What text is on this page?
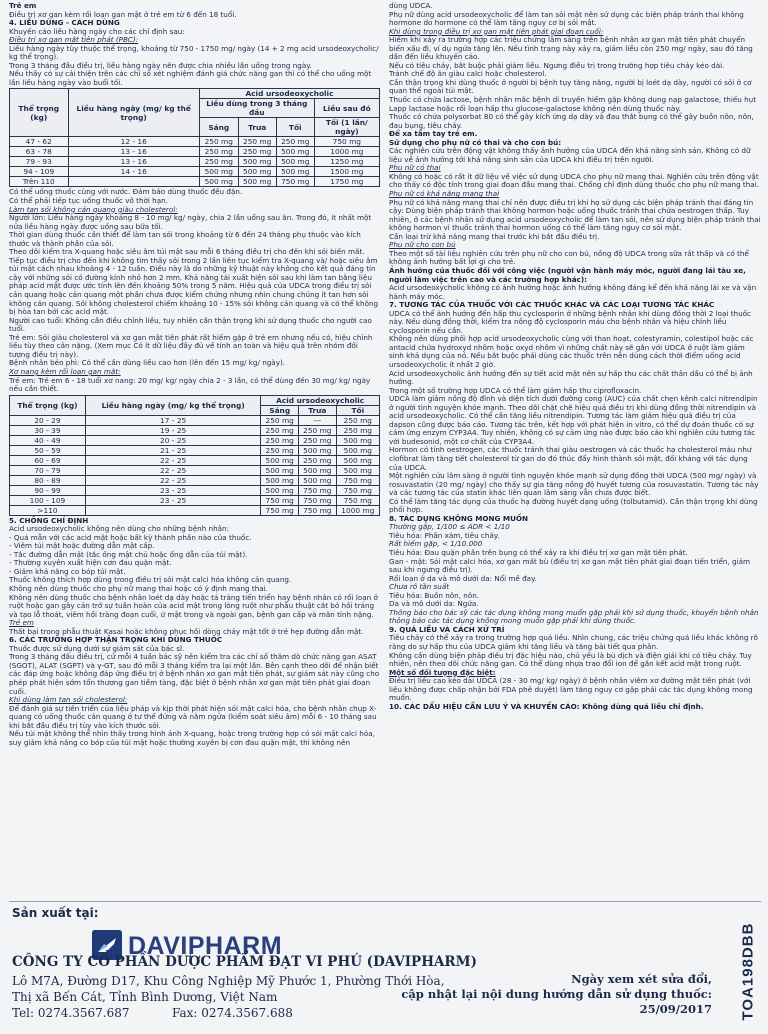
Trẻ em

Điều trị xơ gan kèm rối loạn gan mật ở trẻ em từ 6 đến 18 tuổi.

4. LIỀU DÙNG - CÁCH DÙNG

Khuyến cáo liều hàng ngày cho các chỉ định sau:

Điều trị xơ gan mật tiên phát (PBC):

Liều hàng ngày tùy thuộc thể trọng, khoảng từ 750 - 1750 mg/ ngày (14 + 2 mg acid ursodeoxycholic/ kg thể trọng).

Trong 3 tháng đầu điều trị, liều hàng ngày nên được chia nhiều lần uống trong ngày.

Nếu thấy có sự cải thiện trên các chỉ số xét nghiệm đánh giá chức năng gan thì có thể cho uống một lần liều hàng ngày vào buổi tối.

Thể trọng (kg)	Liều hàng ngày (mg/ kg thể trọng)	Acid ursodeoxycholic			
		Liều dùng trong 3 tháng đầu			Liều sau đó
		Sáng	Trưa	Tối	Tối (1 lần/ ngày)
47 - 62	12 - 16	250 mg	250 mg	250 mg	750 mg
63 - 78	13 - 16	250 mg	250 mg	500 mg	1000 mg
79 - 93	13 - 16	250 mg	500 mg	500 mg	1250 mg
94 - 109	14 - 16	500 mg	500 mg	500 mg	1500 mg
Trên 110		500 mg	500 mg	750 mg	1750 mg

Có thể uống thuốc cùng với nước. Đảm bảo dùng thuốc đều đặn.

Có thể phải tiếp tục uống thuốc vô thời hạn.

Làm tan sỏi không cản quang giàu cholesterol:

Người lớn: Liều hàng ngày khoảng 8 - 10 mg/ kg/ ngày, chia 2 lần uống sau ăn. Trong đó, ít nhất một nửa liều hàng ngày được uống sau bữa tối.

Thời gian dùng thuốc cần thiết để làm tan sỏi trong khoảng từ 6 đến 24 tháng phụ thuộc vào kích thước và thành phần của sỏi.

Theo dõi kiểm tra X-quang hoặc siêu âm túi mật sau mỗi 6 tháng điều trị cho đến khi sỏi biến mất.

Tiếp tục điều trị cho đến khi không tìm thấy sỏi trong 2 lần liên tục kiểm tra X-quang và/ hoặc siêu âm túi mật cách nhau khoảng 4 - 12 tuần. Điều này là do những kỹ thuật này không cho kết quả đáng tin cậy với những sỏi có đường kính nhỏ hơn 2 mm. Khả năng tái xuất hiện sỏi sau khi làm tan bằng liệu pháp acid mật được ước tính lên đến khoảng 50% trong 5 năm. Hiệu quả của UDCA trong điều trị sỏi cản quang hoặc cản quang một phần chưa được kiểm chứng nhưng nhìn chung chúng ít tan hơn sỏi không cản quang. Sỏi không cholesterol chiếm khoảng 10 - 15% sỏi không cản quang và có thể không bị hòa tan bởi các acid mật.

Người cao tuổi: Không cần điều chỉnh liều, tuy nhiên cần thận trọng khi sử dụng thuốc cho người cao tuổi.

Trẻ em: Sỏi giàu cholesterol và xơ gan mật tiên phát rất hiếm gặp ở trẻ em nhưng nếu có, hiệu chỉnh liều tùy theo cân nặng. (Xem mục Có ít dữ liệu đầy đủ về tính an toàn và hiệu quả trên nhóm đối tượng điều trị này).

Bệnh nhân béo phì: Có thể cần dùng liều cao hơn (lên đến 15 mg/ kg/ ngày).

Xơ nang kèm rối loạn gan mật:

Trẻ em: Trẻ em 6 - 18 tuổi xơ nang: 20 mg/ kg/ ngày chia 2 - 3 lần, có thể dùng đến 30 mg/ kg/ ngày nếu cần thiết.

Thể trọng (kg)	Liều hàng ngày (mg/ kg thể trọng)	Acid ursodeoxycholic		
		Sáng	Trưa	Tối
20 - 29	17 - 25	250 mg	---	250 mg
30 - 39	19 - 25	250 mg	250 mg	250 mg
40 - 49	20 - 25	250 mg	250 mg	500 mg
50 - 59	21 - 25	250 mg	500 mg	500 mg
60 - 69	22 - 25	500 mg	250 mg	500 mg
70 - 79	22 - 25	500 mg	500 mg	500 mg
80 - 89	22 - 25	500 mg	500 mg	750 mg
90 - 99	23 - 25	500 mg	750 mg	750 mg
100 - 109	23 - 25	750 mg	750 mg	750 mg
>110		750 mg	750 mg	1000 mg

5. CHỐNG CHỈ ĐỊNH

Acid ursodeoxycholic không nên dùng cho những bệnh nhân:

- Quá mẫn với các acid mật hoặc bất kỳ thành phần nào của thuốc.

- Viêm túi mật hoặc đường dẫn mật cấp.

- Tắc đường dẫn mật (tắc ống mật chủ hoặc ống dẫn của túi mật).

- Thường xuyên xuất hiện cơn đau quặn mật.

- Giảm khả năng co bóp túi mật.

Thuốc không thích hợp dùng trong điều trị sỏi mật calci hóa không cản quang.

Không nên dùng thuốc cho phụ nữ mang thai hoặc có ý định mang thai.

Không nên dùng thuốc cho bệnh nhân loét dạ dày hoặc tá tràng tiến triển hay bệnh nhân có rối loạn ở ruột hoặc gan gây cản trở sự tuần hoàn của acid mật trong lòng ruột như phẫu thuật cắt bỏ hồi tràng và tạo lỗ thoát, viêm hồi tràng đoạn cuối, ứ mật trong và ngoài gan, bệnh gan cấp và mãn tính nặng.

Trẻ em

Thất bại trong phẫu thuật Kasai hoặc không phục hồi dòng chảy mật tốt ở trẻ hẹp đường dẫn mật.

6. CÁC TRƯỜNG HỢP THẬN TRỌNG KHI DÙNG THUỐC

Thuốc được sử dụng dưới sự giám sát của bác sĩ.

Trong 3 tháng đầu điều trị, cứ mỗi 4 tuần bác sỹ nên kiểm tra các chỉ số thăm dò chức năng gan ASAT (SGOT), ALAT (SGPT) và γ-GT, sau đó mỗi 3 tháng kiểm tra lại một lần. Bên cạnh theo dõi để nhận biết các đáp ứng hoặc không đáp ứng điều trị ở bệnh nhân xơ gan mật tiên phát, sự giám sát này cũng cho phép phát hiện sớm tổn thương gan tiềm tàng, đặc biệt ở bệnh nhân xơ gan mật tiên phát giai đoạn cuối.

Khi dùng làm tan sỏi cholesterol:

Để đánh giá sự tiến triển của liệu pháp và kịp thời phát hiện sỏi mật calci hóa, cho bệnh nhân chụp X-quang có uống thuốc cản quang ở tư thế đứng và nằm ngửa (kiểm soát siêu âm) mỗi 6 - 10 tháng sau khi bắt đầu điều trị tùy vào kích thước sỏi.

Nếu túi mật không thể nhìn thấy trong hình ảnh X-quang, hoặc trong trường hợp có sỏi mật calci hóa, suy giảm khả năng co bóp của túi mật hoặc thường xuyên bị cơn đau quặn mật, thì không nên

dùng UDCA.

Phụ nữ dùng acid ursodeoxycholic để làm tan sỏi mật nên sử dụng các biện pháp tránh thai không hormone do hormone có thể làm tăng nguy cơ bị sỏi mật.

Khi dùng trong điều trị xơ gan mật tiên phát giai đoạn cuối:

Hiếm khi xảy ra trường hợp các triệu chứng lâm sàng trên bệnh nhân xơ gan mật tiên phát chuyển biến xấu đi, ví dụ ngứa tăng lên. Nếu tình trạng này xảy ra, giảm liều còn 250 mg/ ngày, sau đó tăng dần đến liều khuyến cáo.

Nếu có tiêu chảy, bắt buộc phải giảm liều. Ngưng điều trị trong trường hợp tiêu chảy kéo dài.

Tránh chế độ ăn giàu calci hoặc cholesterol.

Cần thận trọng khi dùng thuốc ở người bị bệnh tụy tăng năng, người bị loét dạ dày, người có sỏi ở cơ quan thể ngoài túi mật.

Thuốc có chứa lactose, bệnh nhân mắc bệnh di truyền hiếm gặp không dung nạp galactose, thiếu hụt Lapp lactase hoặc rối loạn hấp thu glucose-galactose không nên dùng thuốc này.

Thuốc có chứa polysorbat 80 có thể gây kích ứng dạ dày và đau thắt bụng có thể gây buồn nôn, nôn, đau bụng, tiêu chảy.

Để xa tầm tay trẻ em.

Sử dụng cho phụ nữ có thai và cho con bú:

Các nghiên cứu trên động vật không thấy ảnh hưởng của UDCA đến khả năng sinh sản. Không có dữ liệu về ảnh hưởng tới khả năng sinh sản của UDCA khi điều trị trên người.

Phụ nữ có thai

Không có hoặc có rất ít dữ liệu về việc sử dụng UDCA cho phụ nữ mang thai. Nghiên cứu trên động vật cho thấy có độc tính trong giai đoạn đầu mang thai. Chống chỉ định dùng thuốc cho phụ nữ mang thai.

Phụ nữ có khả năng mang thai

Phụ nữ có khả năng mang thai chỉ nên được điều trị khi họ sử dụng các biện pháp tránh thai đáng tin cậy: Dùng biện pháp tránh thai không hormon hoặc uống thuốc tránh thai chứa oestrogen thấp. Tuy nhiên, ở các bệnh nhân sử dụng acid ursodeoxycholic để làm tan sỏi, nên sử dụng biện pháp tránh thai không hormon vì thuốc tránh thai hormon uống có thể làm tăng nguy cơ sỏi mật.

Cần loại trừ khả năng mang thai trước khi bắt đầu điều trị.

Phụ nữ cho con bú

Theo một số tài liệu nghiên cứu trên phụ nữ cho con bú, nồng độ UDCA trong sữa rất thấp và có thể không ảnh hưởng bất lợi gì cho trẻ.

Ảnh hưởng của thuốc đối với công việc (người vận hành máy móc, người đang lái tàu xe, người làm việc trên cao và các trường hợp khác):

Acid ursodeoxycholic không có ảnh hưởng hoặc ảnh hưởng không đáng kể đến khả năng lái xe và vận hành máy móc.

7. TƯƠNG TÁC CỦA THUỐC VỚI CÁC THUỐC KHÁC VÀ CÁC LOẠI TƯƠNG TÁC KHÁC

UDCA có thể ảnh hưởng đến hấp thu cyclosporin ở những bệnh nhân khi dùng đồng thời 2 loại thuốc này. Nếu dùng đồng thời, kiểm tra nồng độ cyclosporin máu cho bệnh nhân và hiệu chỉnh liều cyclosporin nếu cần.

Không nên dùng phối hợp acid ursodeoxycholic cùng với than hoạt, colestyramin, colestipol hoặc các antacid chứa hydroxyd nhôm hoặc oxyd nhôm vì những chất này sẽ gắn với UDCA ở ruột làm giảm sinh khả dụng của nó. Nếu bắt buộc phải dùng các thuốc trên nên dùng cách thời điểm uống acid ursodeoxycholic ít nhất 2 giờ.

Acid ursodeoxycholic ảnh hưởng đến sự tiết acid mật nên sự hấp thu các chất thân dầu có thể bị ảnh hưởng.

Trong một số trường hợp UDCA có thể làm giảm hấp thu ciprofloxacin.

UDCA làm giảm nồng độ đỉnh và diện tích dưới đường cong (AUC) của chất chẹn kênh calci nitrendipin ở người tình nguyện khỏe mạnh. Theo dõi chặt chẽ hiệu quả điều trị khi dùng đồng thời nitrendipin và acid ursodeoxycholic. Có thể cần tăng liều nitrendipin. Tương tác làm giảm hiệu quả điều trị của dapson cũng được báo cáo. Tương tác trên, kết hợp với phát hiện in vitro, có thể dự đoán thuốc có sự cảm ứng enzym CYP3A4. Tuy nhiên, không có sự cảm ứng nào được báo cáo khi nghiên cứu tương tác với budesonid, một cơ chất của CYP3A4.

Hormon có tính oestrogen, các thuốc tránh thai giàu oestrogen và các thuốc hạ cholesterol máu như clofibrat làm tăng tiết cholesterol từ gan do đó thúc đẩy hình thành sỏi mật, đối kháng với tác dụng của UDCA.

Một nghiên cứu lâm sàng ở người tình nguyện khỏe mạnh sử dụng đồng thời UDCA (500 mg/ ngày) và rosuvastatin (20 mg/ ngày) cho thấy sự gia tăng nồng độ huyết tương của rosuvastatin. Tương tác này và các tương tác của statin khác liên quan lâm sàng vẫn chưa được biết.

Có thể làm tăng tác dụng của thuốc hạ đường huyết dạng uống (tolbutamid). Cần thận trọng khi dùng phối hợp.

8. TÁC DỤNG KHÔNG MONG MUỐN

Thường gặp, 1/100 ≤ ADR < 1/10

Tiêu hóa: Phân xám, tiêu chảy.

Rất hiếm gặp, < 1/10.000

Tiêu hóa: Đau quặn phần trên bụng có thể xảy ra khi điều trị xơ gan mật tiên phát.

Gan - mật: Sỏi mật calci hóa, xơ gan mất bù (điều trị xơ gan mật tiên phát giai đoạn tiến triển, giảm sau khi ngưng điều trị).

Rối loạn ở da và mô dưới da: Nổi mề đay.

Chưa rõ tần suất

Tiêu hóa: Buồn nôn, nôn.

Da và mô dưới da: Ngứa.

Thông báo cho bác sỹ các tác dụng không mong muốn gặp phải khi sử dụng thuốc, khuyến bệnh nhân thông báo các tác dụng không mong muốn gặp phải khi dùng thuốc.

9. QUÁ LIỀU VÀ CÁCH XỬ TRÍ

Tiêu chảy có thể xảy ra trong trường hợp quá liều. Nhìn chung, các triệu chứng quá liều khác không rõ ràng do sự hấp thu của UDCA giảm khi tăng liều và tăng bài tiết qua phân.

Không cần dùng biện pháp điều trị đặc hiệu nào, chủ yếu là bù dịch và điện giải khi có tiêu chảy. Tuy nhiên, nên theo dõi chức năng gan. Có thể dùng nhựa trao đổi ion để gắn kết acid mật trong ruột.

Một số đối tượng đặc biệt:

Điều trị liều cao kéo dài UDCA (28 - 30 mg/ kg/ ngày) ở bệnh nhân viêm xơ đường mật tiên phát (với liều không được chấp nhận bởi FDA phê duyệt) làm tăng nguy cơ gặp phải các tác dụng không mong muốn.

10. CÁC DẤU HIỆU CẦN LƯU Ý VÀ KHUYẾN CÁO: Không dùng quá liều chỉ định.

Sản xuất tại:
DAVIPHARM
CÔNG TY CỔ PHẦN DƯỢC PHẨM ĐẠT VI PHÚ (DAVIPHARM)
Lô M7A, Đường D17, Khu Công Nghiệp Mỹ Phước 1, Phường Thới Hòa,
Thị xã Bến Cát, Tỉnh Bình Dương, Việt Nam
Tel: 0274.3567.687	Fax: 0274.3567.688
Ngày xem xét sửa đổi,
cập nhật lại nội dung hướng dẫn sử dụng thuốc:
25/09/2017 TOA198DBB
